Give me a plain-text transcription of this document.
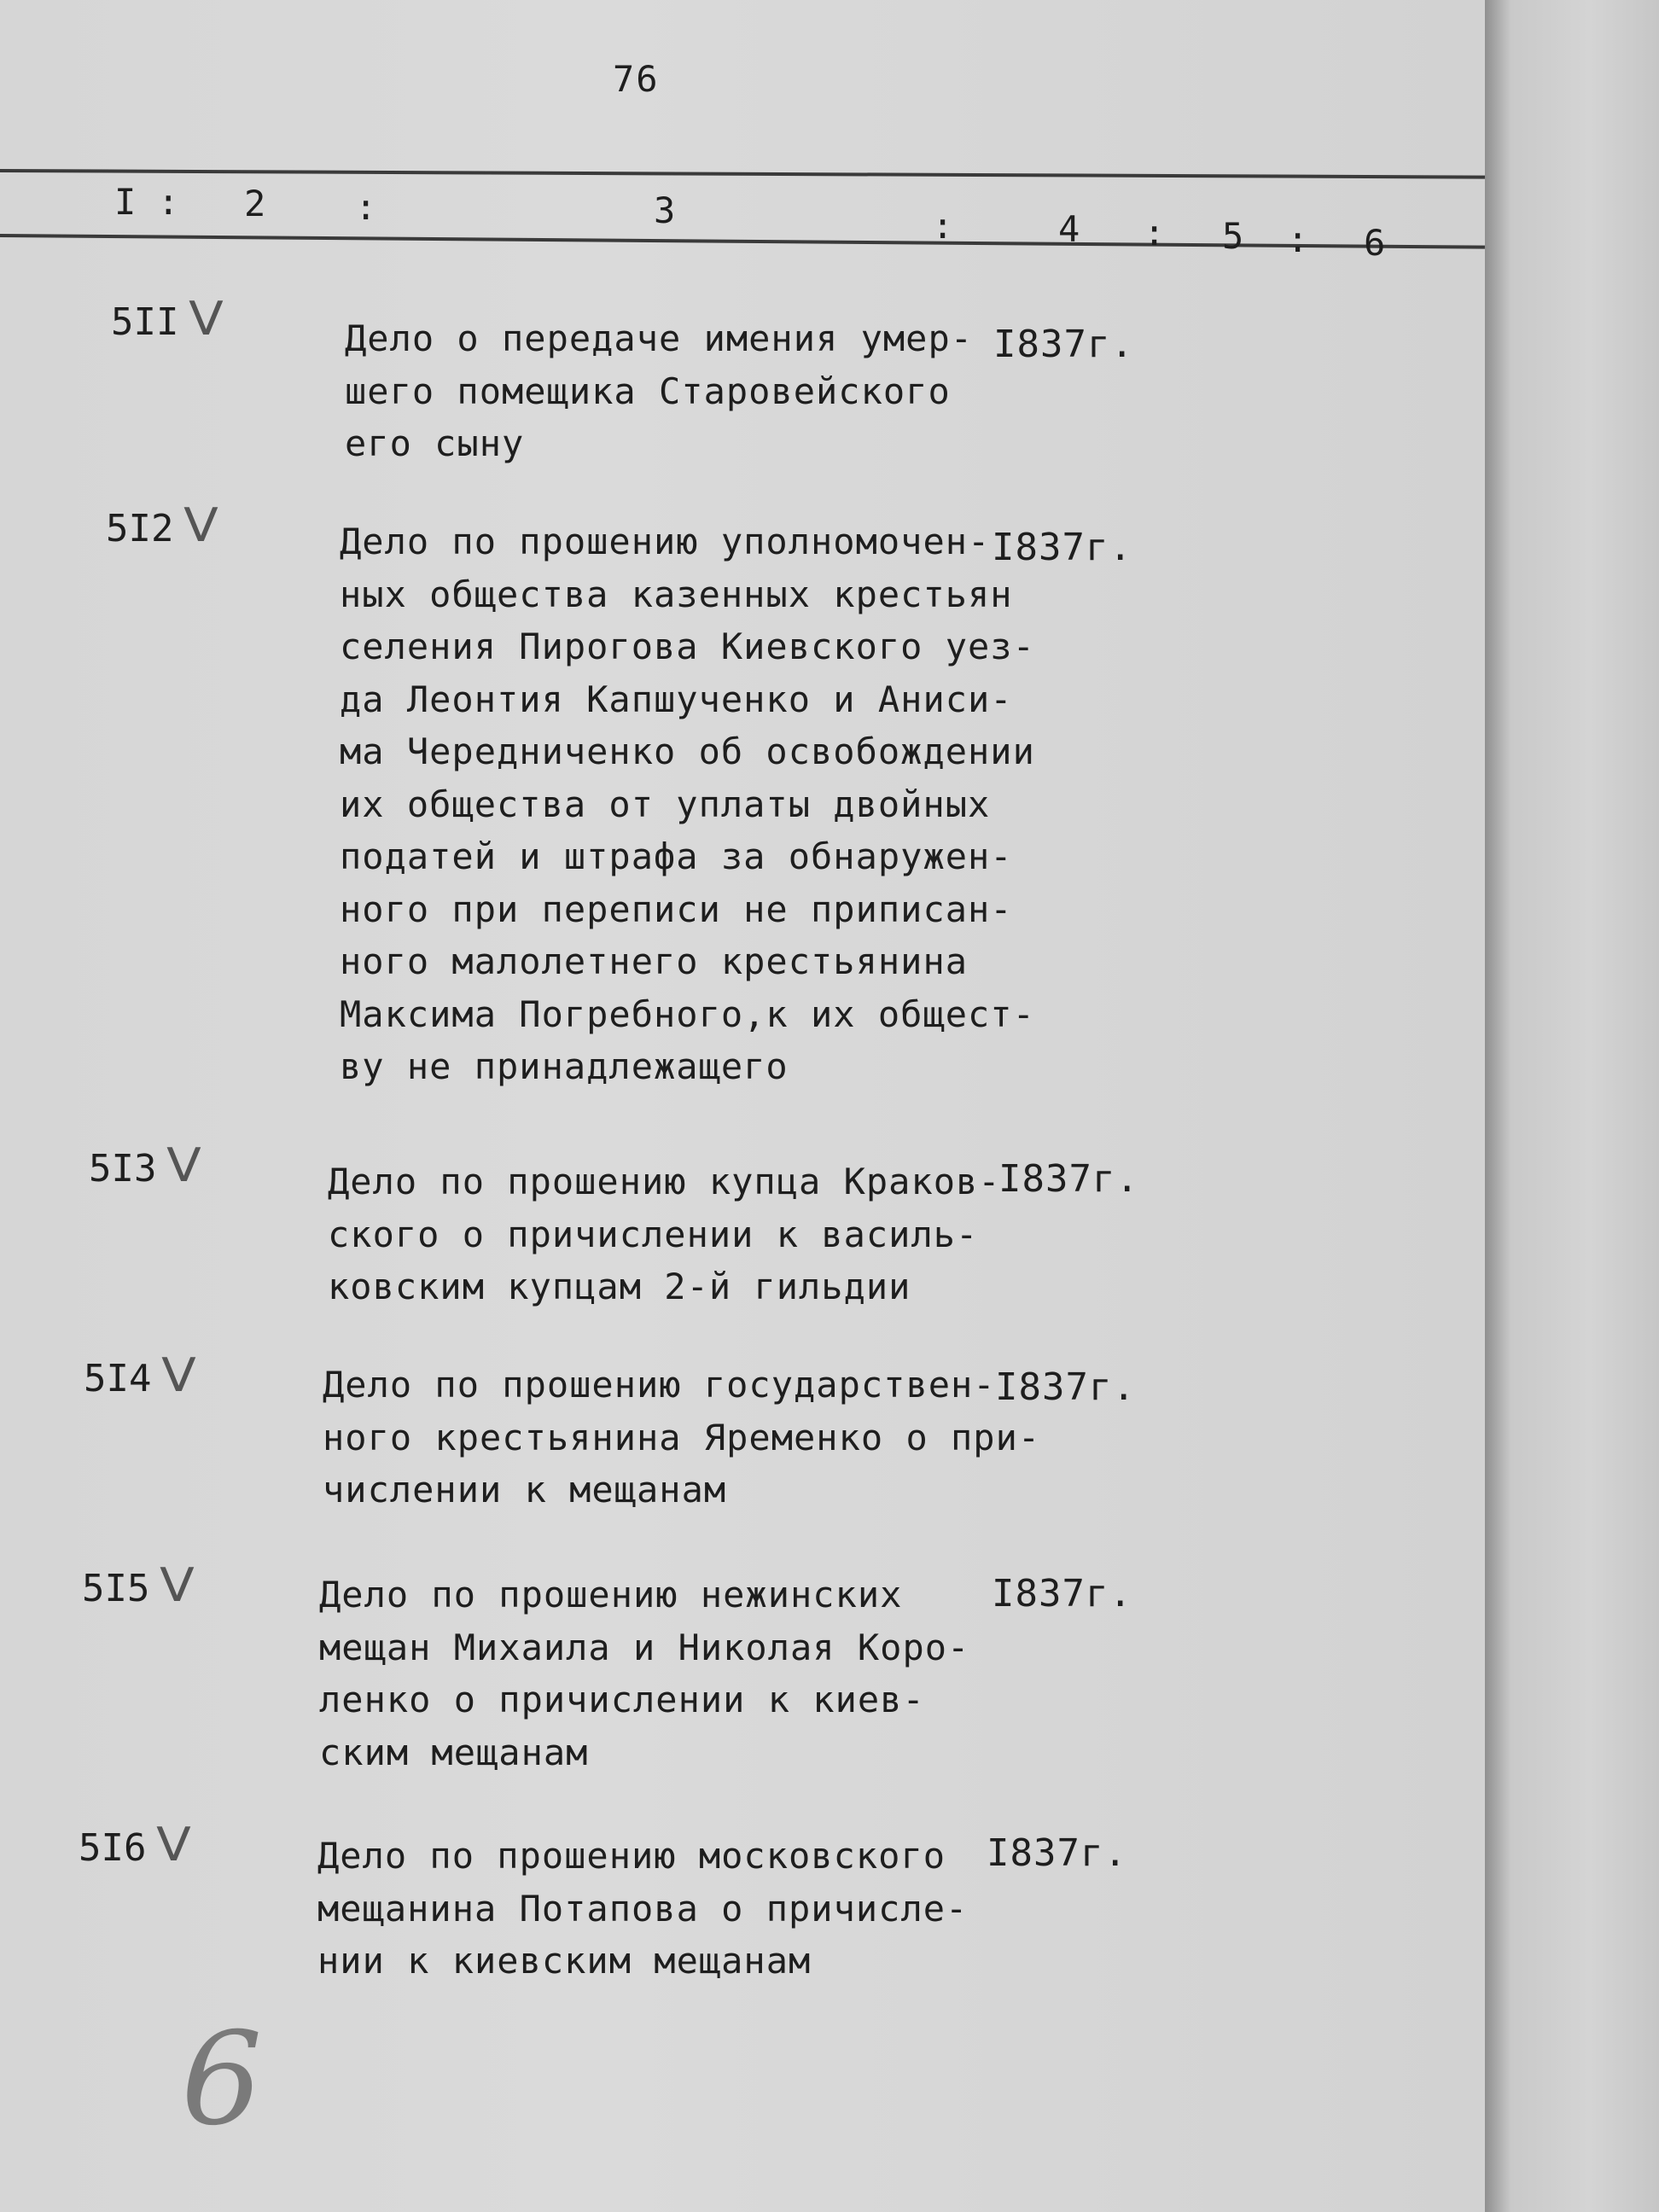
76
I : 2 :	3	:	4 : 5 : 6
5II V	Дело о передаче имения умер-
шего помещика Старовейского
его сыну
I837г.
5I2 V	Дело по прошению уполномочен-
ных общества казенных крестьян
селения Пирогова Киевского уез-
да Леонтия Капшученко и Аниси-
ма Чередниченко об освобождении
их общества от уплаты двойных
податей и штрафа за обнаружен-
ного при переписи не приписан-
ного малолетнего крестьянина
Максима Погребного,к их общест-
ву не принадлежащего
I837г.
5I3 V	Дело по прошению купца Краков-
ского о причислении к василь-
ковским купцам 2-й гильдии
I837г.
5I4 V	Дело по прошению государствен-
ного крестьянина Яременко о при-
числении к мещанам
I837г.
5I5 V	Дело по прошению нежинских
мещан Михаила и Николая Коро-
ленко о причислении к киев-
ским мещанам
I837г.
5I6 V	Дело по прошению московского
мещанина Потапова о причисле-
нии к киевским мещанам
I837г.
6
